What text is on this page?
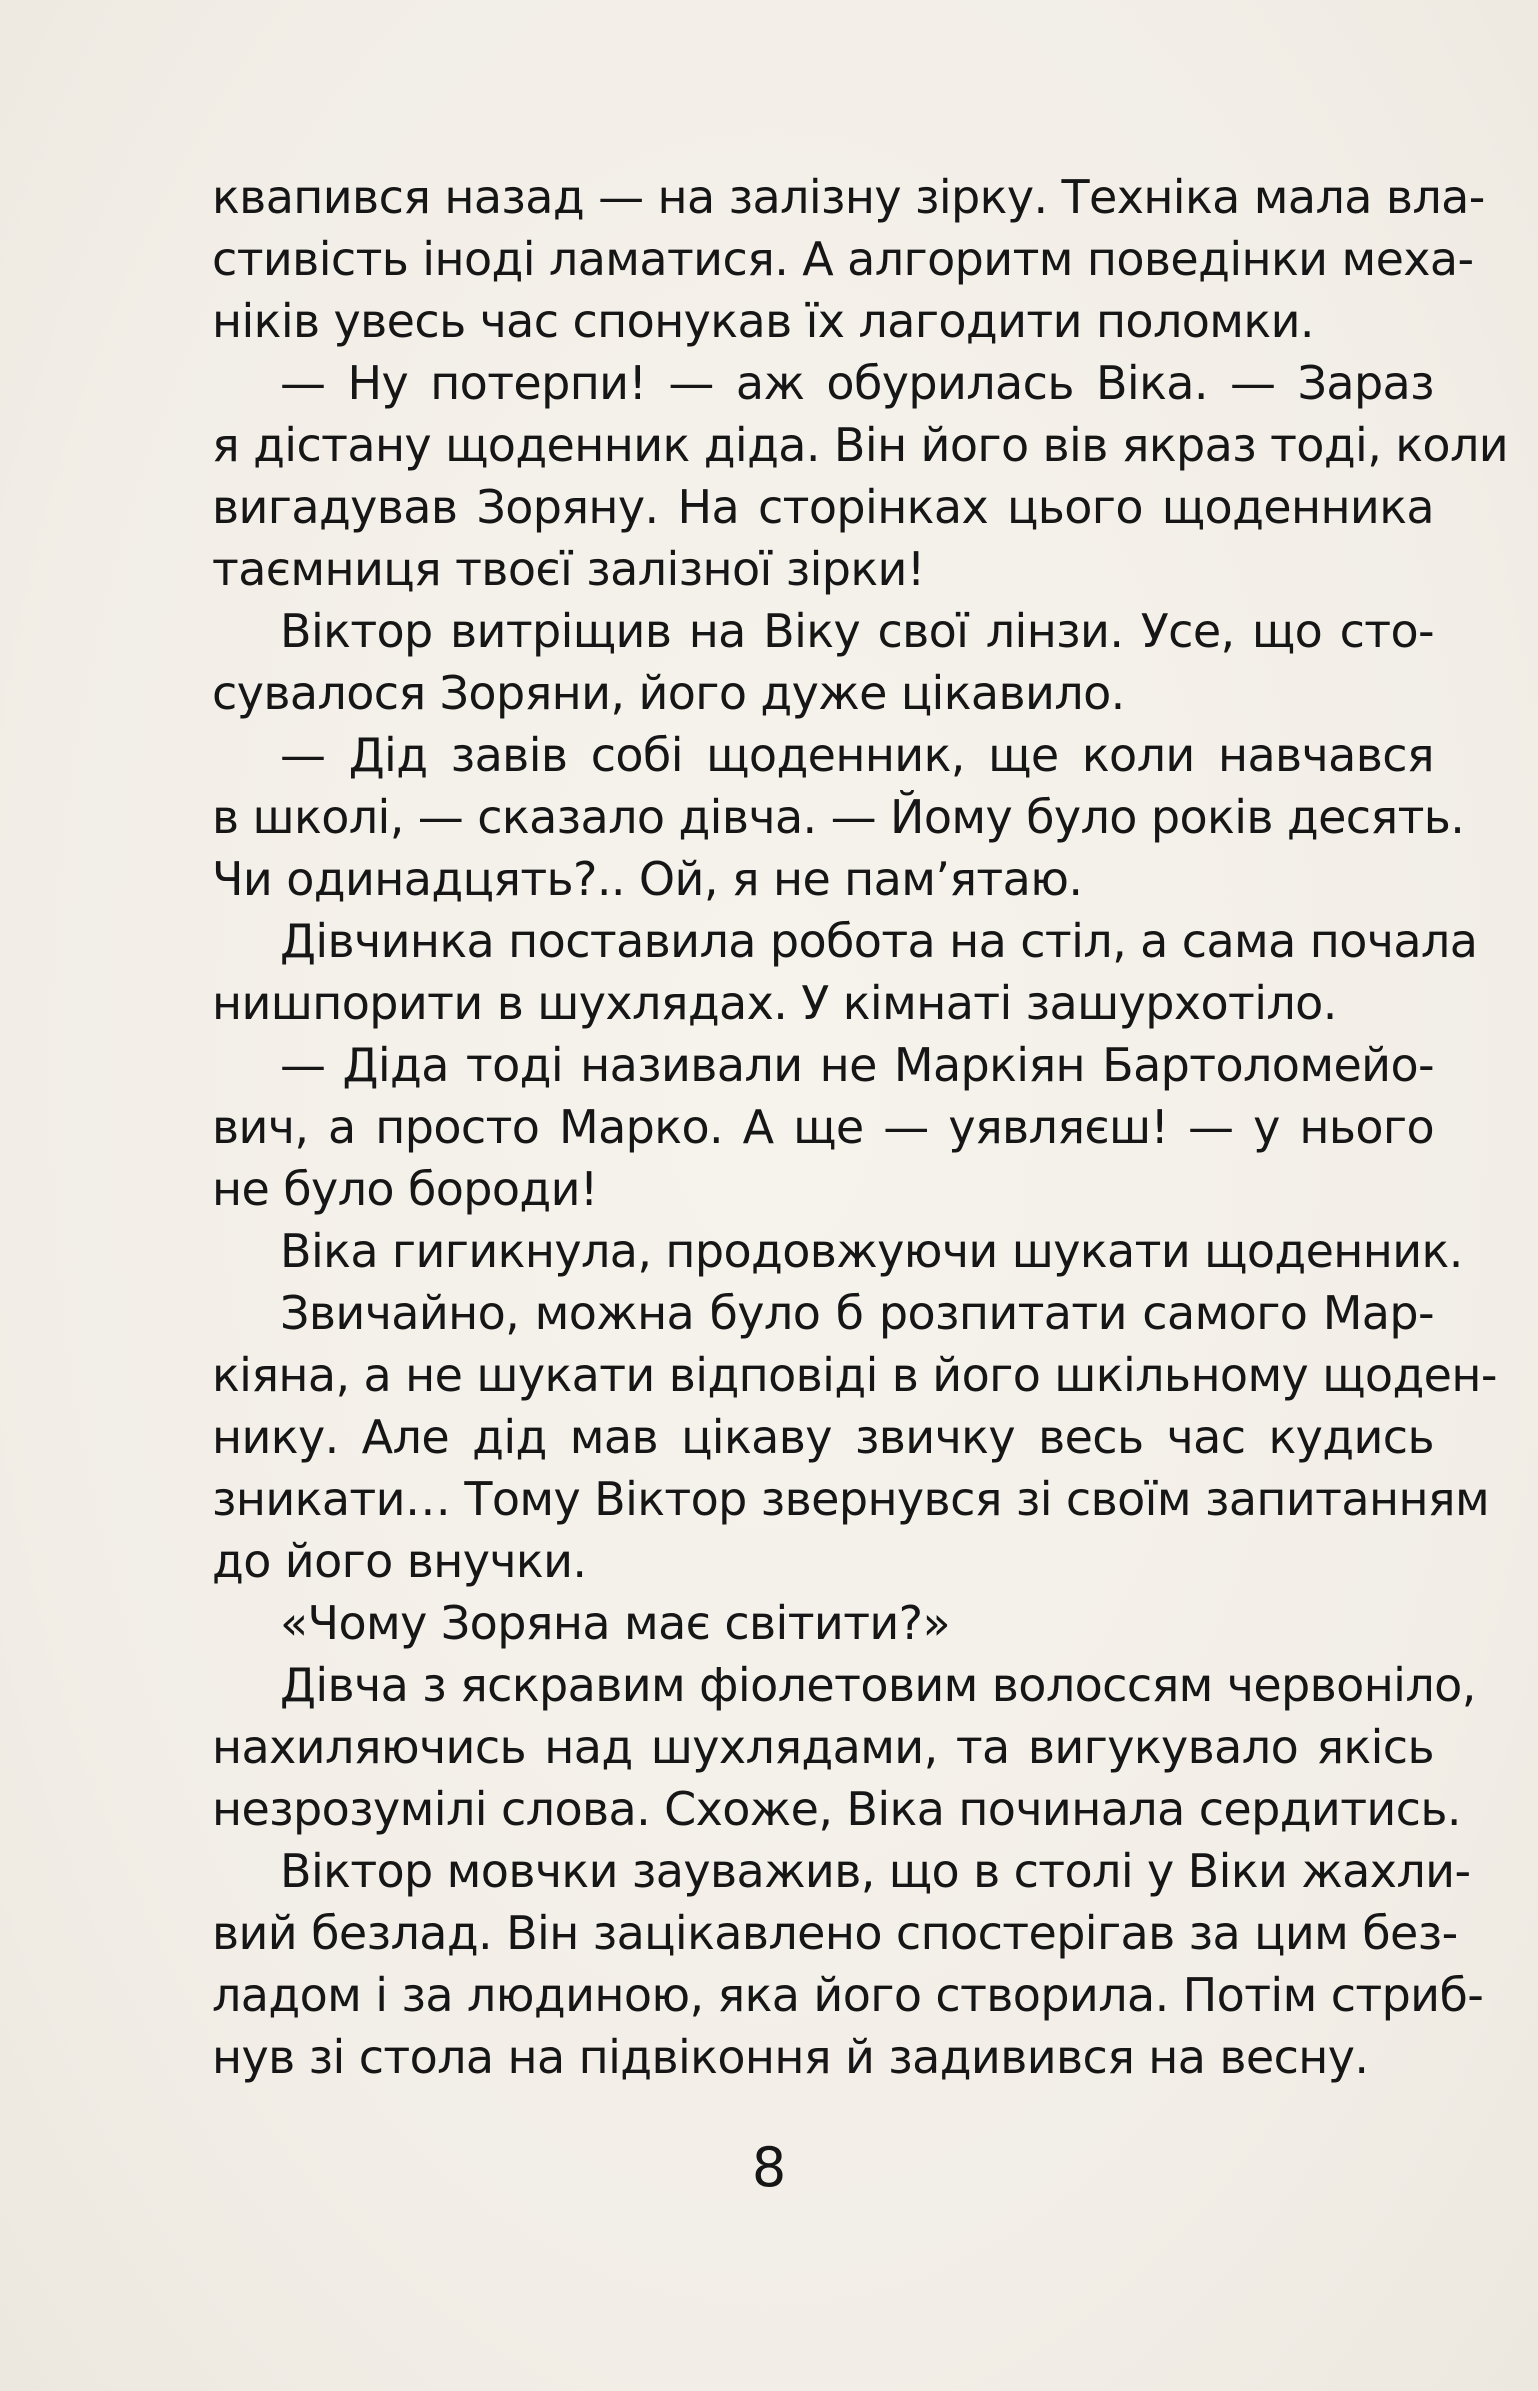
квапився назад — на залізну зірку. Техніка мала вла-
стивість іноді ламатися. А алгоритм поведінки меха-
ніків увесь час спонукав їх лагодити поломки.
— Ну потерпи! — аж обурилась Віка. — Зараз
я дістану щоденник діда. Він його вів якраз тоді, коли
вигадував Зоряну. На сторінках цього щоденника
таємниця твоєї залізної зірки!
Віктор витріщив на Віку свої лінзи. Усе, що сто-
сувалося Зоряни, його дуже цікавило.
— Дід завів собі щоденник, ще коли навчався
в школі, — сказало дівча. — Йому було років десять.
Чи одинадцять?.. Ой, я не пам’ятаю.
Дівчинка поставила робота на стіл, а сама почала
нишпорити в шухлядах. У кімнаті зашурхотіло.
— Діда тоді називали не Маркіян Бартоломейо-
вич, а просто Марко. А ще — уявляєш! — у нього
не було бороди!
Віка гигикнула, продовжуючи шукати щоденник.
Звичайно, можна було б розпитати самого Мар-
кіяна, а не шукати відповіді в його шкільному щоден-
нику. Але дід мав цікаву звичку весь час кудись
зникати… Тому Віктор звернувся зі своїм запитанням
до його внучки.
«Чому Зоряна має світити?»
Дівча з яскравим фіолетовим волоссям червоніло,
нахиляючись над шухлядами, та вигукувало якісь
незрозумілі слова. Схоже, Віка починала сердитись.
Віктор мовчки зауважив, що в столі у Віки жахли-
вий безлад. Він зацікавлено спостерігав за цим без-
ладом і за людиною, яка його створила. Потім стриб-
нув зі стола на підвіконня й задивився на весну.
8
